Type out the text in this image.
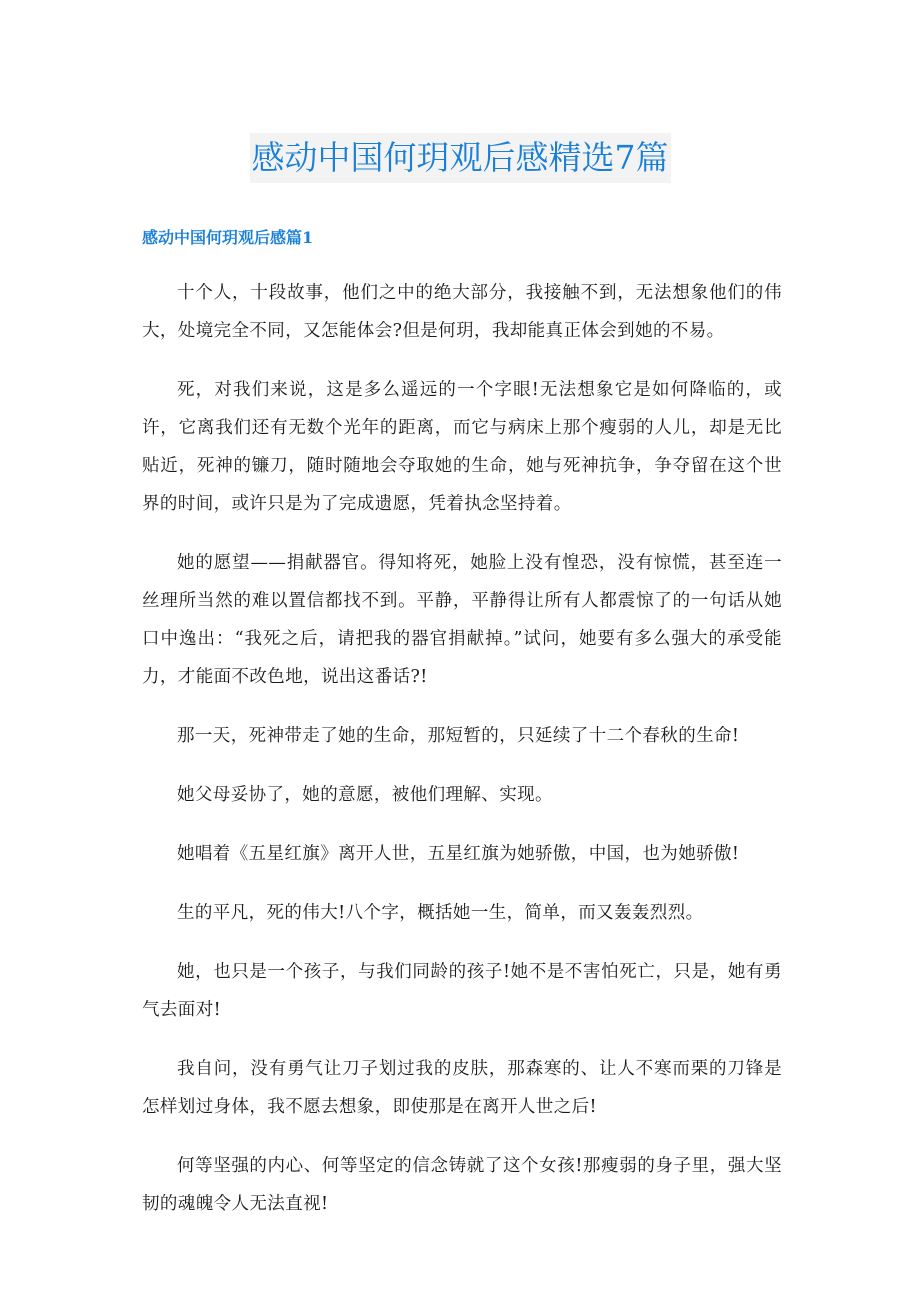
感动中国何玥观后感精选7篇
感动中国何玥观后感篇1

十个人，十段故事，他们之中的绝大部分，我接触不到，无法想象他们的伟大，处境完全不同，又怎能体会?但是何玥，我却能真正体会到她的不易。

死，对我们来说，这是多么遥远的一个字眼!无法想象它是如何降临的，或许，它离我们还有无数个光年的距离，而它与病床上那个瘦弱的人儿，却是无比贴近，死神的镰刀，随时随地会夺取她的生命，她与死神抗争，争夺留在这个世界的时间，或许只是为了完成遗愿，凭着执念坚持着。

她的愿望——捐献器官。得知将死，她脸上没有惶恐，没有惊慌，甚至连一丝理所当然的难以置信都找不到。平静，平静得让所有人都震惊了的一句话从她口中逸出：“我死之后，请把我的器官捐献掉。”试问，她要有多么强大的承受能力，才能面不改色地，说出这番话?!

那一天，死神带走了她的生命，那短暂的，只延续了十二个春秋的生命!

她父母妥协了，她的意愿，被他们理解、实现。

她唱着《五星红旗》离开人世，五星红旗为她骄傲，中国，也为她骄傲!

生的平凡，死的伟大!八个字，概括她一生，简单，而又轰轰烈烈。

她，也只是一个孩子，与我们同龄的孩子!她不是不害怕死亡，只是，她有勇气去面对!

我自问，没有勇气让刀子划过我的皮肤，那森寒的、让人不寒而栗的刀锋是怎样划过身体，我不愿去想象，即使那是在离开人世之后!

何等坚强的内心、何等坚定的信念铸就了这个女孩!那瘦弱的身子里，强大坚韧的魂魄令人无法直视!
